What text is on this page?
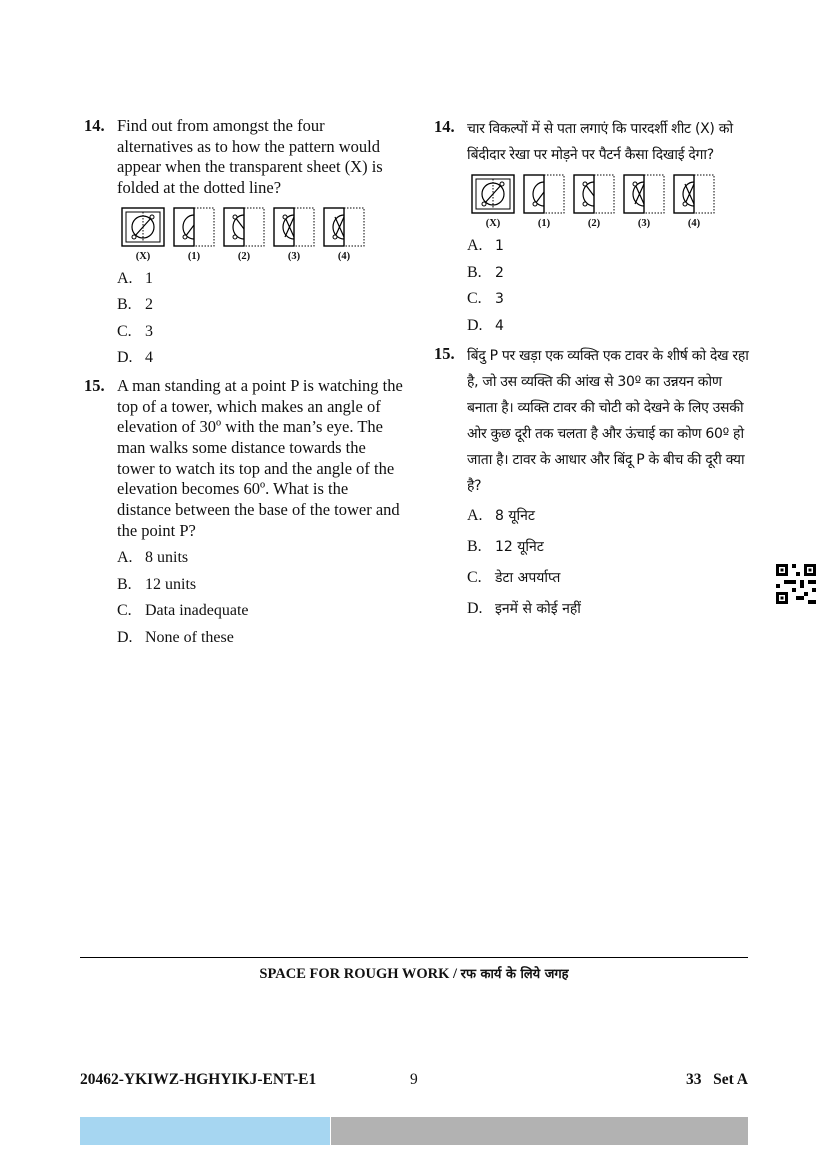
14. Find out from amongst the four alternatives as to how the pattern would appear when the transparent sheet (X) is folded at the dotted line?
(X)	(1)	(2)	(3)	(4)
A. 1
B. 2
C. 3
D. 4
15. A man standing at a point P is watching the top of a tower, which makes an angle of elevation of 30º with the man’s eye. The man walks some distance towards the tower to watch its top and the angle of the elevation becomes 60º. What is the distance between the base of the tower and the point P?
A. 8 units
B. 12 units
C. Data inadequate
D. None of these
14. चार विकल्पों में से पता लगाएं कि पारदर्शी शीट (X) को बिंदीदार रेखा पर मोड़ने पर पैटर्न कैसा दिखाई देगा?
(X)	(1)	(2)	(3)	(4)
A. 1
B. 2
C. 3
D. 4
15. बिंदु P पर खड़ा एक व्यक्ति एक टावर के शीर्ष को देख रहा है, जो उस व्यक्ति की आंख से 30º का उन्नयन कोण बनाता है। व्यक्ति टावर की चोटी को देखने के लिए उसकी ओर कुछ दूरी तक चलता है और ऊंचाई का कोण 60º हो जाता है। टावर के आधार और बिंदू P के बीच की दूरी क्या है?
A. 8 यूनिट
B. 12 यूनिट
C. डेटा अपर्याप्त
D. इनमें से कोई नहीं
SPACE FOR ROUGH WORK / रफ कार्य के लिये जगह
20462-YKIWZ-HGHYIKJ-ENT-E1	9	33   Set A
